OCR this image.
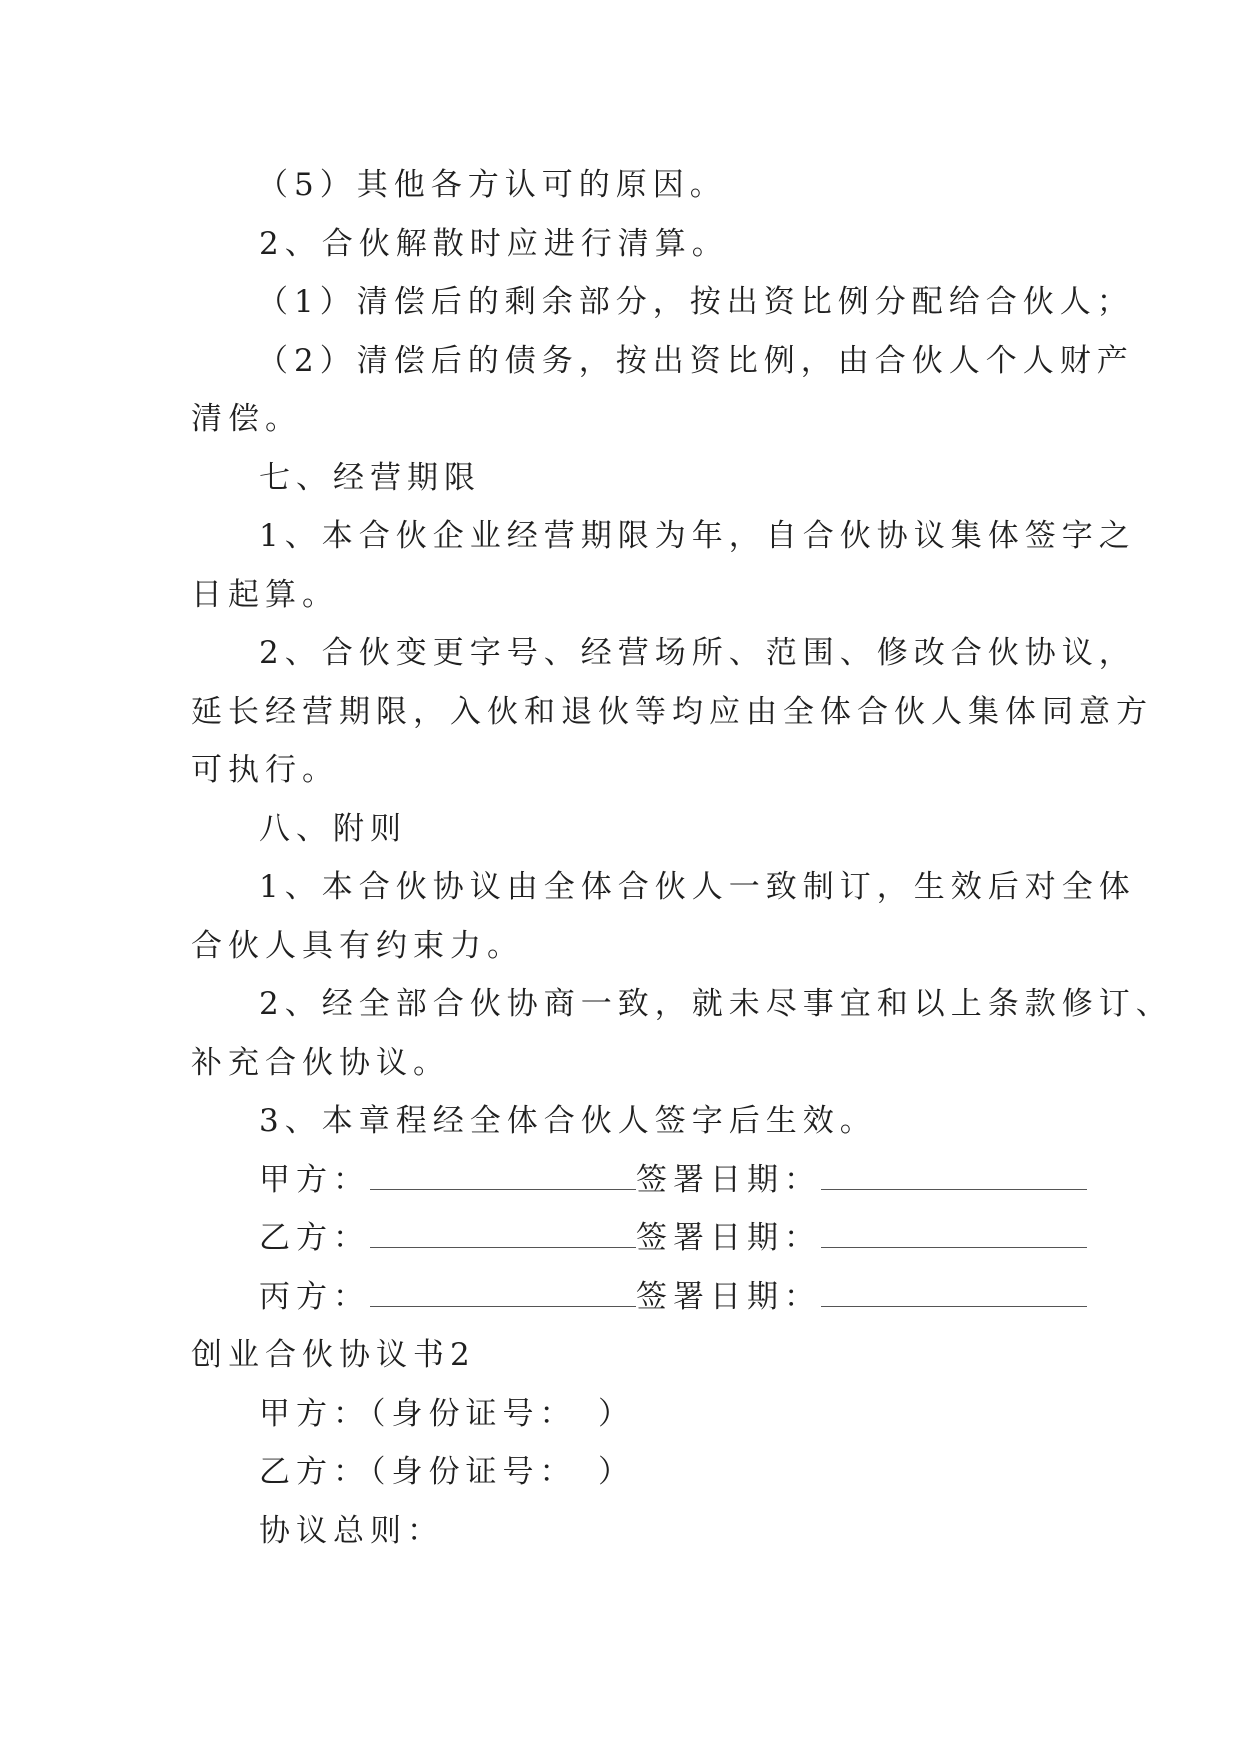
（5）其他各方认可的原因。
2、合伙解散时应进行清算。
（1）清偿后的剩余部分，按出资比例分配给合伙人；
（2）清偿后的债务，按出资比例，由合伙人个人财产
清偿。
七、经营期限
1、本合伙企业经营期限为年，自合伙协议集体签字之
日起算。
2、合伙变更字号、经营场所、范围、修改合伙协议，
延长经营期限，入伙和退伙等均应由全体合伙人集体同意方
可执行。
八、附则
1、本合伙协议由全体合伙人一致制订，生效后对全体
合伙人具有约束力。
2、经全部合伙协商一致，就未尽事宜和以上条款修订、
补充合伙协议。
3、本章程经全体合伙人签字后生效。
甲方：	签署日期：
乙方：	签署日期：
丙方：	签署日期：
创业合伙协议书2
甲方：（身份证号：　）
乙方：（身份证号：　）
协议总则：
